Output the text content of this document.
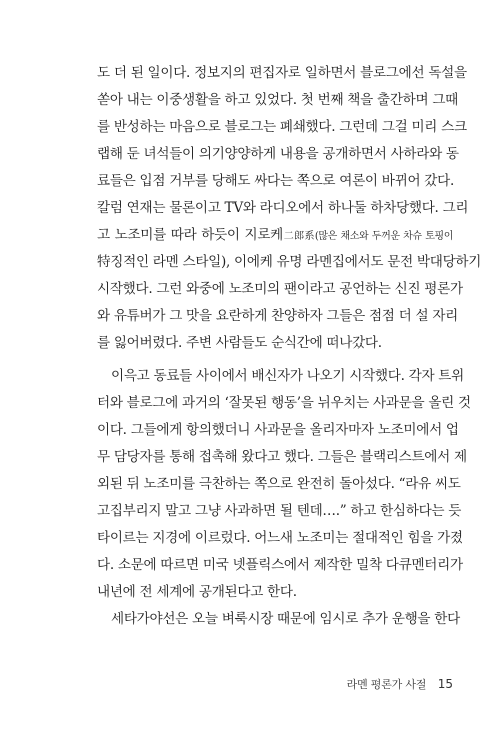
도 더 된 일이다. 정보지의 편집자로 일하면서 블로그에선 독설을
쏟아 내는 이중생활을 하고 있었다. 첫 번째 책을 출간하며 그때
를 반성하는 마음으로 블로그는 폐쇄했다. 그런데 그걸 미리 스크
랩해 둔 녀석들이 의기양양하게 내용을 공개하면서 사하라와 동
료들은 입점 거부를 당해도 싸다는 쪽으로 여론이 바뀌어 갔다.
칼럼 연재는 물론이고 TV와 라디오에서 하나둘 하차당했다. 그리
고 노조미를 따라 하듯이 지로케二郎系(많은 채소와 두꺼운 차슈 토핑이
特징적인 라멘 스타일), 이에케 유명 라멘집에서도 문전 박대당하기
시작했다. 그런 와중에 노조미의 팬이라고 공언하는 신진 평론가
와 유튜버가 그 맛을 요란하게 찬양하자 그들은 점점 더 설 자리
를 잃어버렸다. 주변 사람들도 순식간에 떠나갔다.
이윽고 동료들 사이에서 배신자가 나오기 시작했다. 각자 트위
터와 블로그에 과거의 ‘잘못된 행동’을 뉘우치는 사과문을 올린 것
이다. 그들에게 항의했더니 사과문을 올리자마자 노조미에서 업
무 담당자를 통해 접촉해 왔다고 했다. 그들은 블랙리스트에서 제
외된 뒤 노조미를 극찬하는 쪽으로 완전히 돌아섰다. “라유 씨도
고집부리지 말고 그냥 사과하면 될 텐데….” 하고 한심하다는 듯
타이르는 지경에 이르렀다. 어느새 노조미는 절대적인 힘을 가졌
다. 소문에 따르면 미국 넷플릭스에서 제작한 밀착 다큐멘터리가
내년에 전 세계에 공개된다고 한다.
세타가야선은 오늘 벼룩시장 때문에 임시로 추가 운행을 한다
라멘 평론가 사절 15
